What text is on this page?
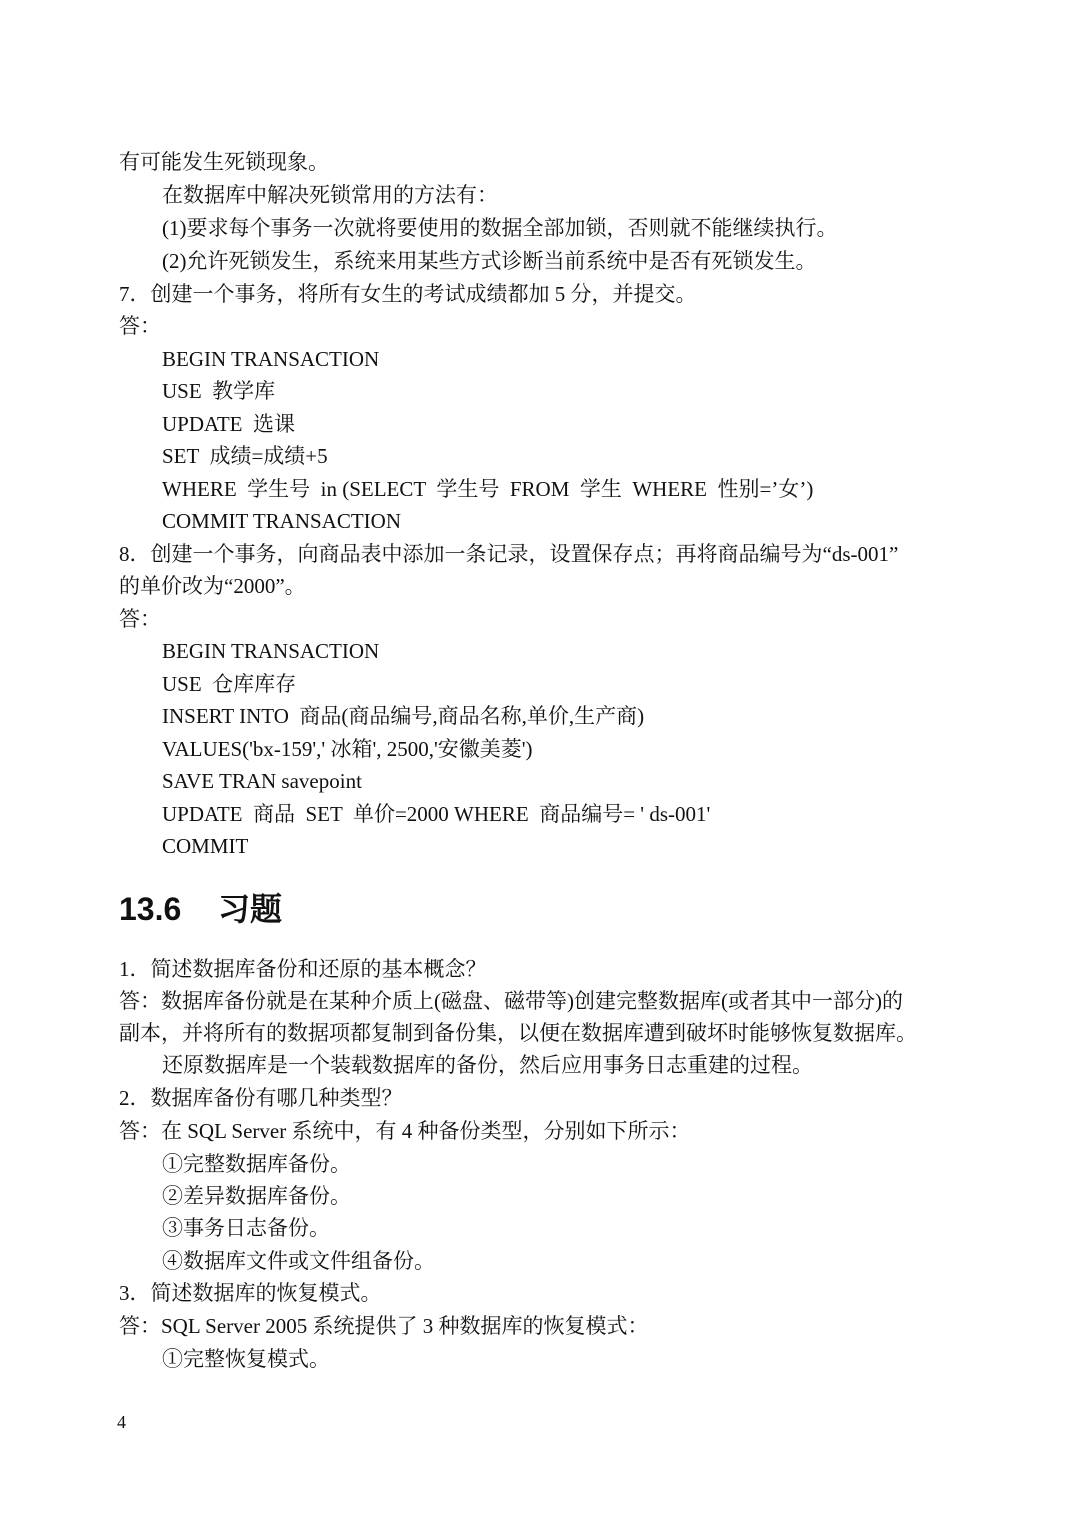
有可能发生死锁现象。
在数据库中解决死锁常用的方法有：
(1)要求每个事务一次就将要使用的数据全部加锁，否则就不能继续执行。
(2)允许死锁发生，系统来用某些方式诊断当前系统中是否有死锁发生。
7．创建一个事务，将所有女生的考试成绩都加 5 分，并提交。
答：
BEGIN TRANSACTION
USE  教学库
UPDATE  选课
SET  成绩=成绩+5
WHERE  学生号  in (SELECT  学生号  FROM  学生  WHERE  性别=’女’)
COMMIT TRANSACTION
8．创建一个事务，向商品表中添加一条记录，设置保存点；再将商品编号为“ds-001”
的单价改为“2000”。
答：
BEGIN TRANSACTION
USE  仓库库存
INSERT INTO  商品(商品编号,商品名称,单价,生产商)
VALUES('bx-159',' 冰箱', 2500,'安徽美菱')
SAVE TRAN savepoint
UPDATE  商品  SET  单价=2000 WHERE  商品编号= ' ds-001'
COMMIT
13.6 习题
1．简述数据库备份和还原的基本概念？
答：数据库备份就是在某种介质上(磁盘、磁带等)创建完整数据库(或者其中一部分)的
副本，并将所有的数据项都复制到备份集，以便在数据库遭到破坏时能够恢复数据库。
还原数据库是一个装载数据库的备份，然后应用事务日志重建的过程。
2．数据库备份有哪几种类型？
答：在 SQL Server 系统中，有 4 种备份类型，分别如下所示：
①完整数据库备份。
②差异数据库备份。
③事务日志备份。
④数据库文件或文件组备份。
3．简述数据库的恢复模式。
答：SQL Server 2005 系统提供了 3 种数据库的恢复模式：
①完整恢复模式。
4
